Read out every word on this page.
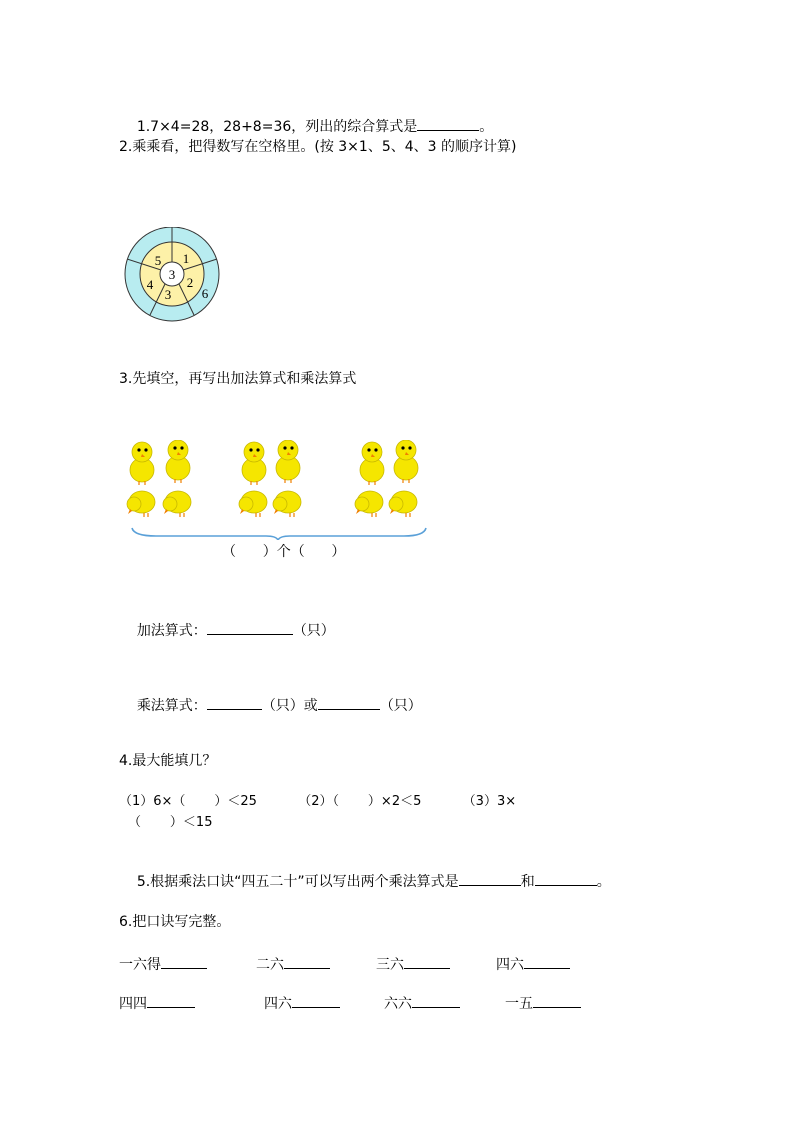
1.7×4=28，28+8=36，列出的综合算式是	。

2.乘乘看，把得数写在空格里。(按 3×1、5、4、3 的顺序计算)
3
1
2
3
4
5
6
3.先填空，再写出加法算式和乘法算式
（      ）个（      ）

加法算式：	（只）

乘法算式：	（只）或	（只）

4.最大能填几？
（1）6×（       ）＜25          （2）（       ）×2＜5          （3）3×
（       ）＜15

5.根据乘法口诀“四五二十”可以写出两个乘法算式是	和	。

6.把口诀写完整。
一六得	二六	三六	四六
四四	四六	六六	一五
